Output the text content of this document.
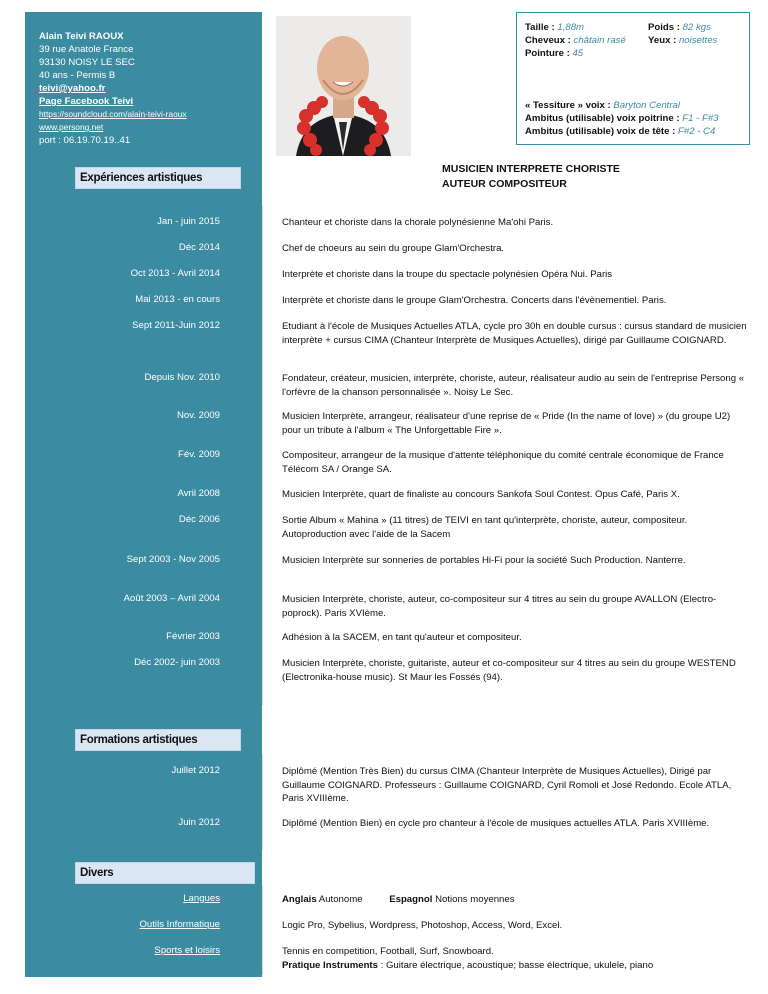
Alain Teivi RAOUX
39 rue Anatole France
93130 NOISY LE SEC
40 ans - Permis B
teivi@yahoo.fr
Page Facebook Teivi
https://soundcloud.com/alain-teivi-raoux
www.persong.net
port : 06.19.70.19..41
Taille : 1,88m	Poids : 82 kgs
Cheveux : châtain rasé Yeux : noisettes
Pointure : 45
« Tessiture » voix : Baryton Central
Ambitus (utilisable) voix poitrine : F1 - F#3
Ambitus (utilisable) voix de tête : F#2 - C4
MUSICIEN INTERPRETE CHORISTE
AUTEUR COMPOSITEUR
Expériences artistiques
Formations artistiques
Divers
Jan - juin 2015	Chanteur et choriste dans la chorale polynésienne Ma'ohi Paris.
Déc 2014	Chef de choeurs au sein du groupe Glam'Orchestra.
Oct 2013 - Avril 2014	Interprète et choriste dans la troupe du spectacle polynésien Opéra Nui. Paris
Mai 2013 - en cours	Interprète et choriste dans le groupe Glam'Orchestra. Concerts dans l'évènementiel. Paris.
Sept 2011-Juin 2012	Etudiant à l'école de Musiques Actuelles ATLA, cycle pro 30h en double cursus : cursus standard de musicien interprète + cursus CIMA (Chanteur Interprète de Musiques Actuelles), dirigé par Guillaume COIGNARD.
Depuis Nov. 2010	Fondateur, créateur, musicien, interprète, choriste, auteur, réalisateur audio au sein de l'entreprise Persong « l'orfèvre de la chanson personnalisée ». Noisy Le Sec.
Nov. 2009	Musicien Interprète, arrangeur, réalisateur d'une reprise de « Pride (In the name of love) » (du groupe U2) pour un tribute à l'album « The Unforgettable Fire ».
Fév. 2009	Compositeur, arrangeur de la musique d'attente téléphonique du comité centrale économique de France Télécom SA / Orange SA.
Avril 2008	Musicien Interprète, quart de finaliste au concours Sankofa Soul Contest. Opus Café, Paris X.
Déc 2006	Sortie Album « Mahina » (11 titres) de TEIVI en tant qu'interprète, choriste, auteur, compositeur. Autoproduction avec l'aide de la Sacem
Sept 2003 - Nov 2005	Musicien Interprète sur sonneries de portables Hi-Fi pour la société Such Production. Nanterre.
Août 2003 – Avril 2004	Musicien Interprète, choriste, auteur, co-compositeur sur 4 titres au sein du groupe AVALLON (Electro-poprock). Paris XVIème.
Février 2003	Adhésion à la SACEM, en tant qu'auteur et compositeur.
Déc 2002- juin 2003	Musicien Interprète, choriste, guitariste, auteur et co-compositeur sur 4 titres au sein du groupe WESTEND (Electronika-house music). St Maur les Fossés (94).
Juillet 2012	Diplômé (Mention Très Bien) du cursus CIMA (Chanteur Interprète de Musiques Actuelles), Dirigé par Guillaume COIGNARD. Professeurs : Guillaume COIGNARD, Cyril Romoli et José Redondo. Ecole ATLA, Paris XVIIIème.
Juin 2012	Diplômé (Mention Bien) en cycle pro chanteur à l'école de musiques actuelles ATLA. Paris XVIIIème.
Langues	Anglais Autonome	Espagnol Notions moyennes
Outils Informatique	Logic Pro, Sybelius, Wordpress, Photoshop, Access, Word, Excel.
Sports et loisirs	Tennis en competition, Football, Surf, Snowboard.
Pratique Instruments : Guitare électrique, acoustique; basse électrique, ukulele, piano
